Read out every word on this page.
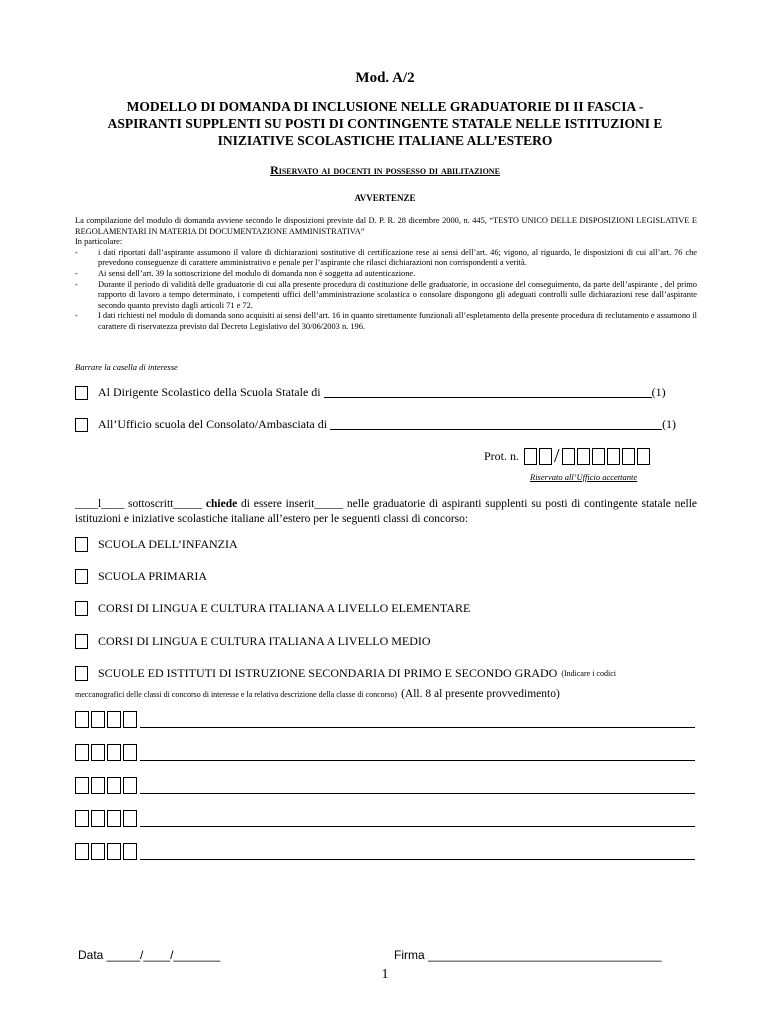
Mod. A/2
MODELLO DI DOMANDA DI INCLUSIONE NELLE GRADUATORIE DI II FASCIA -
ASPIRANTI SUPPLENTI SU POSTI DI CONTINGENTE STATALE NELLE ISTITUZIONI E
INIZIATIVE SCOLASTICHE ITALIANE ALL’ESTERO
Riservato ai docenti in possesso di abilitazione
AVVERTENZE

La compilazione del modulo di domanda avviene secondo le disposizioni previste dal D. P. R. 28 dicembre 2000, n. 445, “TESTO UNICO DELLE DISPOSIZIONI LEGISLATIVE E REGOLAMENTARI IN MATERIA DI DOCUMENTAZIONE AMMINISTRATIVA”

In particolare:

- i dati riportati dall’aspirante assumono il valore di dichiarazioni sostitutive di certificazione rese ai sensi dell’art. 46; vigono, al riguardo, le disposizioni di cui all’art. 76 che prevedono conseguenze di carattere amministrativo e penale per l’aspirante che rilasci dichiarazioni non corrispondenti a verità.

- Ai sensi dell’art. 39 la sottoscrizione del modulo di domanda non è soggetta ad autenticazione.

- Durante il periodo di validità delle graduatorie di cui alla presente procedura di costituzione delle graduatorie, in occasione del conseguimento, da parte dell’aspirante , del primo rapporto di lavoro a tempo determinato, i competenti uffici dell’amministrazione scolastica o consolare dispongono gli adeguati controlli sulle dichiarazioni rese dall’aspirante secondo quanto previsto dagli articoli 71 e 72.

- I dati richiesti nel modulo di domanda sono acquisiti ai sensi dell’art. 16 in quanto strettamente funzionali all’espletamento della presente procedura di reclutamento e assumono il carattere di riservatezza previsto dal Decreto Legislativo del 30/06/2003 n. 196.

Barrare la casella di interesse
Al Dirigente Scolastico della Scuola Statale di	(1)
All’Ufficio scuola del Consolato/Ambasciata di	(1)
Prot. n. /
Riservato all’Ufficio accettante
____l____ sottoscritt_____ chiede di essere inserit_____ nelle graduatorie di aspiranti supplenti su posti di contingente statale nelle istituzioni e iniziative scolastiche italiane all’estero per le seguenti classi di concorso:
SCUOLA DELL’INFANZIA
SCUOLA PRIMARIA
CORSI DI LINGUA E CULTURA ITALIANA A LIVELLO ELEMENTARE
CORSI DI LINGUA E CULTURA ITALIANA A LIVELLO MEDIO
SCUOLE ED ISTITUTI DI ISTRUZIONE SECONDARIA DI PRIMO E SECONDO GRADO (Indicare i codici
meccanografici delle classi di concorso di interesse e la relativa descrizione della classe di concorso) (All. 8 al presente provvedimento)
Data _____/____/_______	Firma ___________________________________
1
